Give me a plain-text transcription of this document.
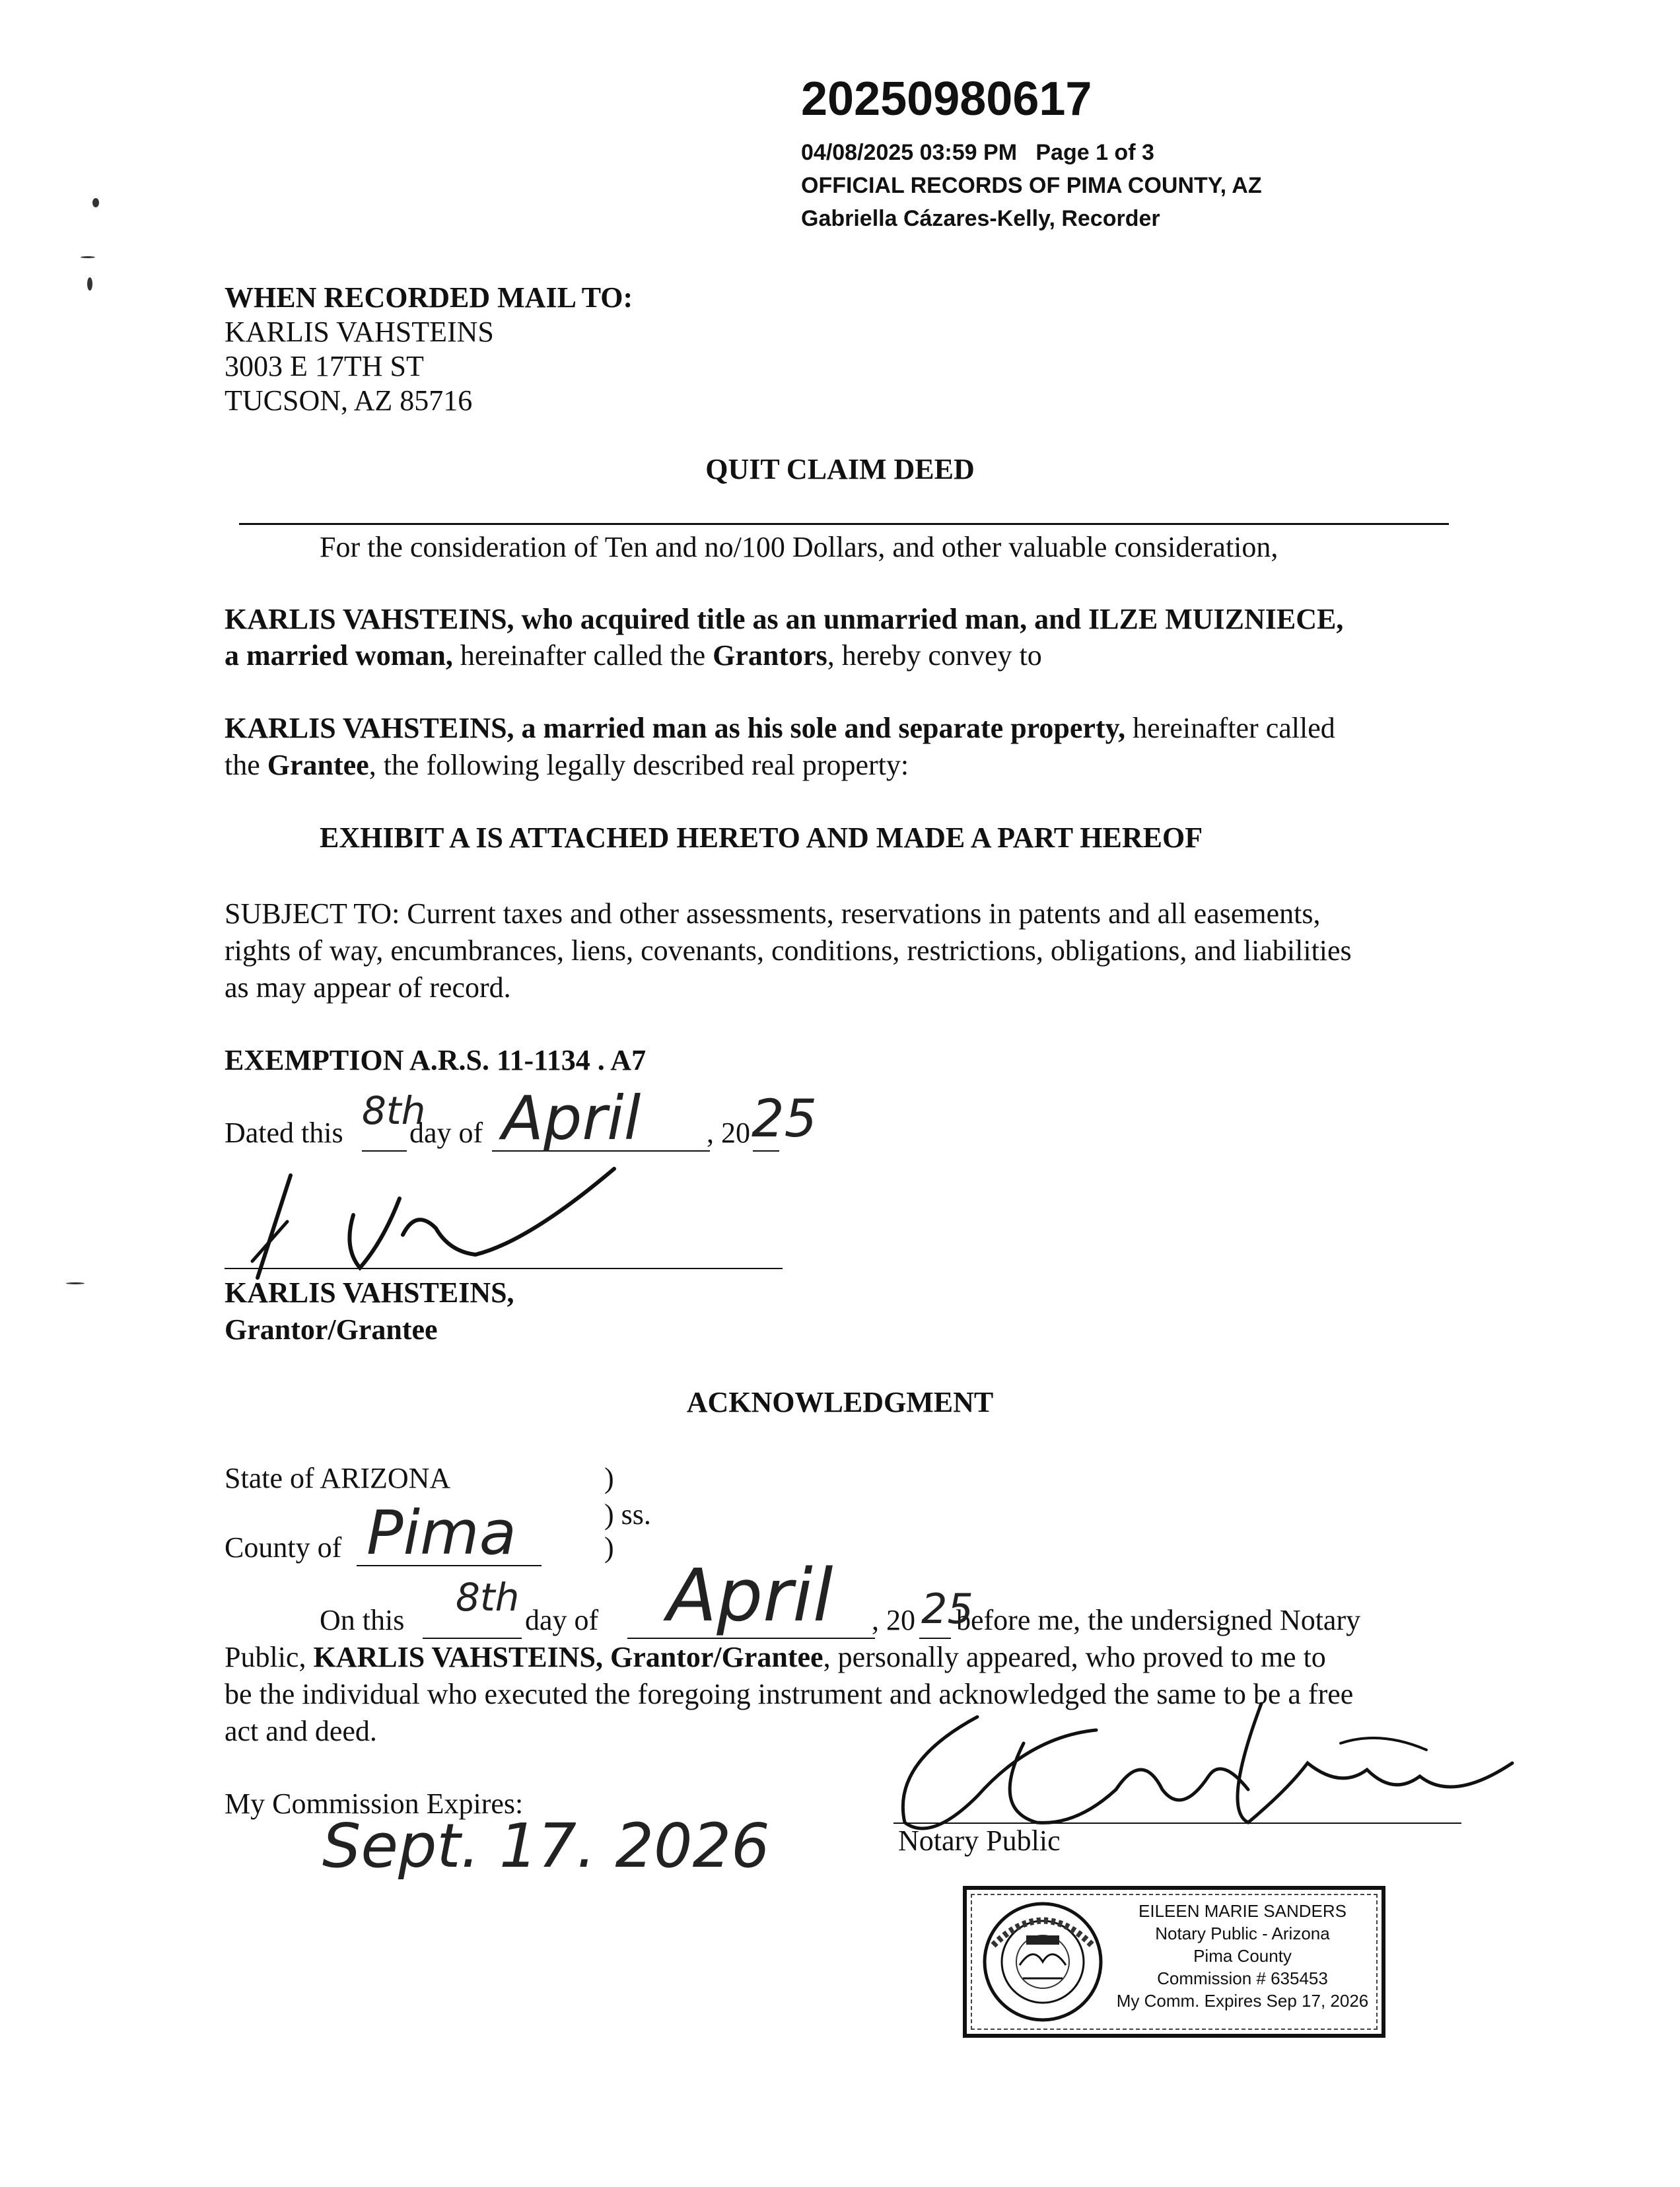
20250980617
04/08/2025 03:59 PM   Page 1 of 3
OFFICIAL RECORDS OF PIMA COUNTY, AZ
Gabriella Cázares-Kelly, Recorder
WHEN RECORDED MAIL TO:
KARLIS VAHSTEINS
3003 E 17TH ST
TUCSON, AZ 85716
QUIT CLAIM DEED
For the consideration of Ten and no/100 Dollars, and other valuable consideration,
KARLIS VAHSTEINS, who acquired title as an unmarried man, and ILZE MUIZNIECE,
a married woman, hereinafter called the Grantors, hereby convey to
KARLIS VAHSTEINS, a married man as his sole and separate property, hereinafter called
the Grantee, the following legally described real property:
EXHIBIT A IS ATTACHED HERETO AND MADE A PART HEREOF
SUBJECT TO: Current taxes and other assessments, reservations in patents and all easements,
rights of way, encumbrances, liens, covenants, conditions, restrictions, obligations, and liabilities
as may appear of record.
EXEMPTION A.R.S. 11-1134 . A7
Dated this day of	, 20
8th April 25
KARLIS VAHSTEINS,
Grantor/Grantee
ACKNOWLEDGMENT
State of ARIZONA	)
) ss.
County of	)
Pima
On this	day of	, 20 before me, the undersigned Notary
8th April 25
Public, KARLIS VAHSTEINS, Grantor/Grantee, personally appeared, who proved to me to
be the individual who executed the foregoing instrument and acknowledged the same to be a free
act and deed.
My Commission Expires:
Sept. 17. 2026	Notary Public
EILEEN MARIE SANDERS
Notary Public - Arizona
Pima County
Commission # 635453
My Comm. Expires Sep 17, 2026
